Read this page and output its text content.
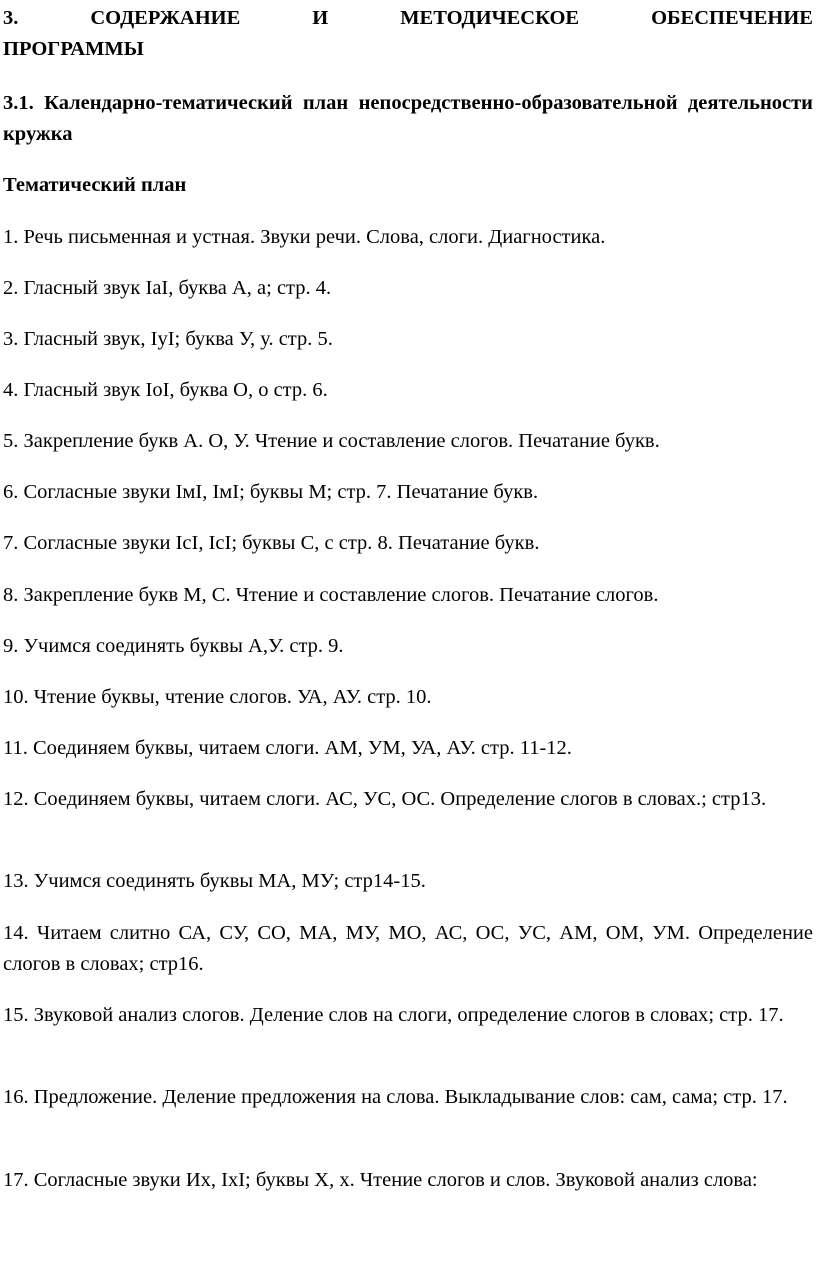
3.	СОДЕРЖАНИЕ	И	МЕТОДИЧЕСКОЕ	ОБЕСПЕЧЕНИЕ
ПРОГРАММЫ

3.1. Календарно-тематический план непосредственно-образовательной деятельности кружка

Тематический план

1. Речь письменная и устная. Звуки речи. Слова, слоги. Диагностика.

2. Гласный звук IaI, буква А, а; стр. 4.

3. Гласный звук, IyI; буква У, у. стр. 5.

4. Гласный звук IoI, буква О, о стр. 6.

5. Закрепление букв А. О, У. Чтение и составление слогов. Печатание букв.

6. Согласные звуки IмI, IмI; буквы М; стр. 7. Печатание букв.

7. Согласные звуки IсI, IсI; буквы С, с стр. 8. Печатание букв.

8. Закрепление букв М, С. Чтение и составление слогов. Печатание слогов.

9. Учимся соединять буквы А,У. стр. 9.

10. Чтение буквы, чтение слогов. УА, АУ. стр. 10.

11. Соединяем буквы, читаем слоги. АМ, УМ, УА, АУ. стр. 11-12.

12. Соединяем буквы, читаем слоги. АС, УС, ОС. Определение слогов в словах.; стр13.

13. Учимся соединять буквы МА, МУ; стр14-15.

14. Читаем слитно СА, СУ, СО, МА, МУ, МО, АС, ОС, УС, АМ, ОМ, УМ. Определение слогов в словах; стр16.

15. Звуковой анализ слогов. Деление слов на слоги, определение слогов в словах; стр. 17.

16. Предложение. Деление предложения на слова. Выкладывание слов: сам, сама; стр. 17.

17. Согласные звуки Их, IхI; буквы Х, х. Чтение слогов и слов. Звуковой анализ слова:
